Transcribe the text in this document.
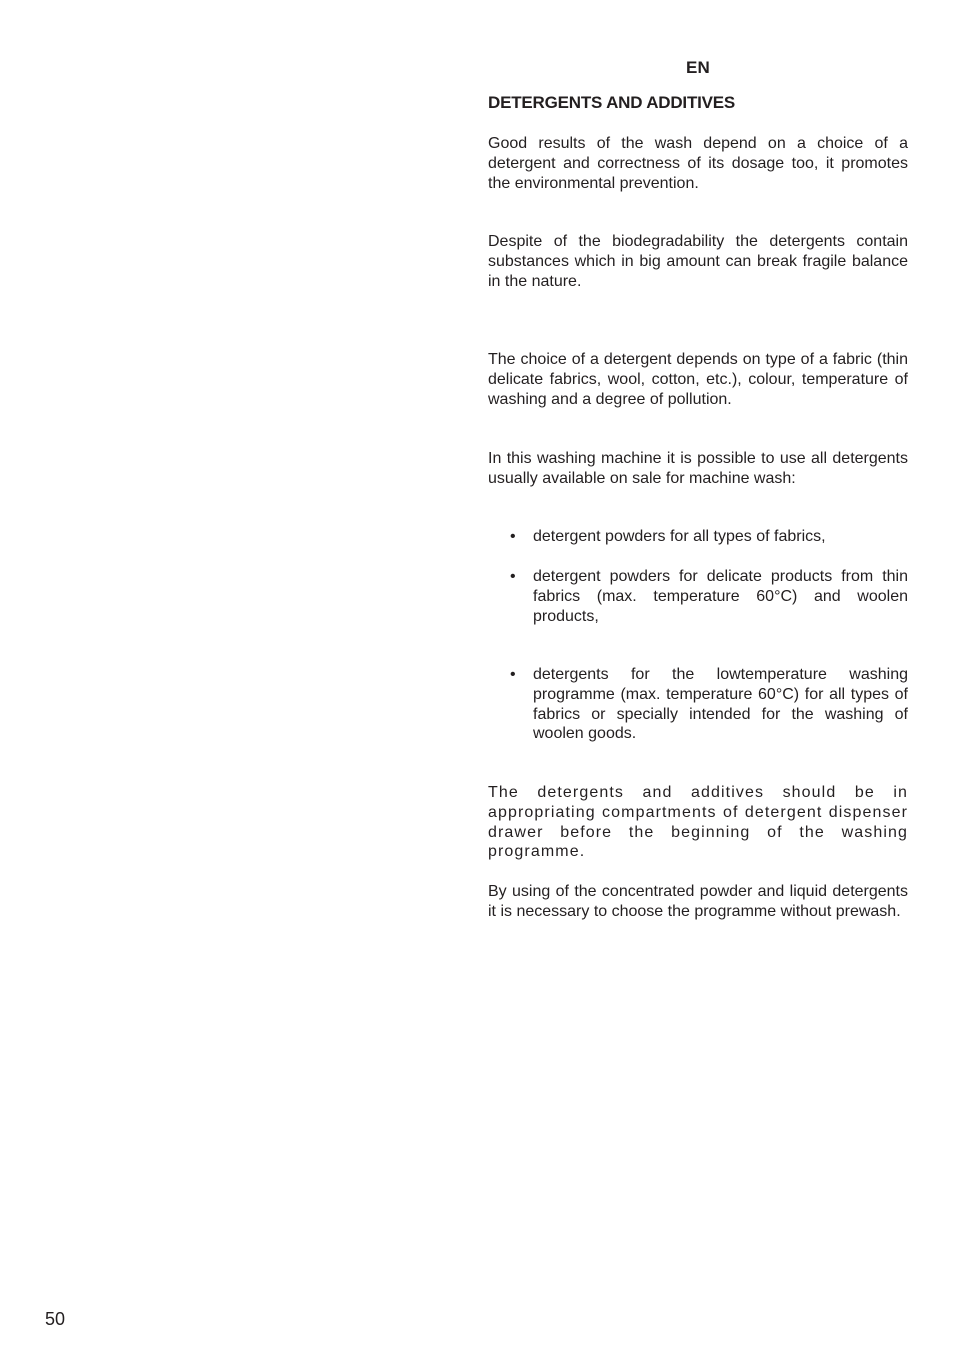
EN
DETERGENTS AND ADDITIVES

Good results of the wash depend on a choice of a detergent and correctness of its dosage too, it promotes the environmental prevention.

Despite of the biodegradability the detergents contain substances which in big amount can break fragile balance in the nature.

The choice of a detergent depends on type of a fabric (thin delicate fabrics, wool, cotton, etc.), colour, temperature of washing and a degree of pollution.

In this washing machine it is possible to use all detergents usually available on sale for machine wash:

• detergent powders for all types of fabrics,

• detergent powders for delicate products from thin fabrics (max. temperature 60°C) and woolen products,

• detergents for the lowtemperature washing programme (max. temperature 60°C) for all types of fabrics or specially intended for the washing of woolen goods.

The detergents and additives should be in appropriating compartments of detergent dispenser drawer before the beginning of the washing programme.

By using of the concentrated powder and liquid detergents it is necessary to choose the programme without prewash.

50
